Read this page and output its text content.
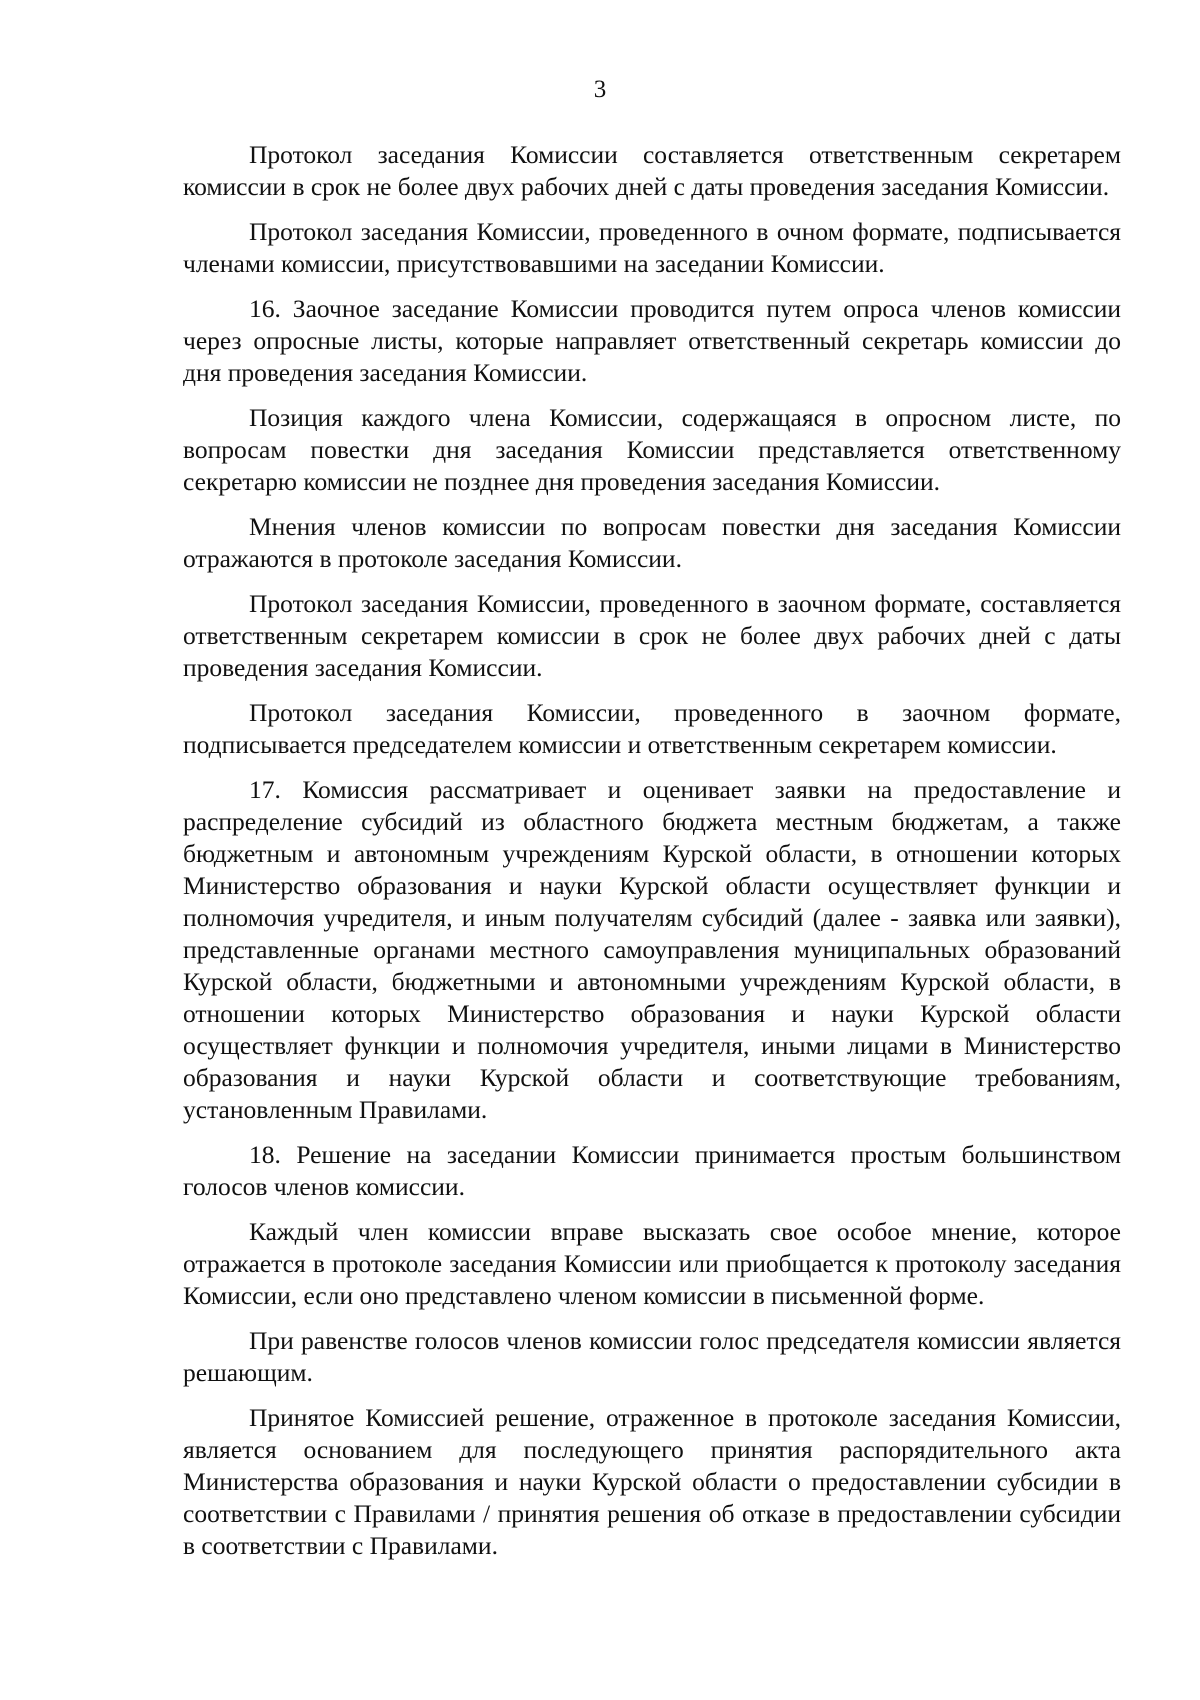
3

Протокол заседания Комиссии составляется ответственным секретарем комиссии в срок не более двух рабочих дней с даты проведения заседания Комиссии.

Протокол заседания Комиссии, проведенного в очном формате, подписывается членами комиссии, присутствовавшими на заседании Комиссии.

16. Заочное заседание Комиссии проводится путем опроса членов комиссии через опросные листы, которые направляет ответственный секретарь комиссии до дня проведения заседания Комиссии.

Позиция каждого члена Комиссии, содержащаяся в опросном листе, по вопросам повестки дня заседания Комиссии представляется ответственному секретарю комиссии не позднее дня проведения заседания Комиссии.

Мнения членов комиссии по вопросам повестки дня заседания Комиссии отражаются в протоколе заседания Комиссии.

Протокол заседания Комиссии, проведенного в заочном формате, составляется ответственным секретарем комиссии в срок не более двух рабочих дней с даты проведения заседания Комиссии.

Протокол заседания Комиссии, проведенного в заочном формате, подписывается председателем комиссии и ответственным секретарем комиссии.

17. Комиссия рассматривает и оценивает заявки на предоставление и распределение субсидий из областного бюджета местным бюджетам, а также бюджетным и автономным учреждениям Курской области, в отношении которых Министерство образования и науки Курской области осуществляет функции и полномочия учредителя, и иным получателям субсидий (далее - заявка или заявки), представленные органами местного самоуправления муниципальных образований Курской области, бюджетными и автономными учреждениям Курской области, в отношении которых Министерство образования и науки Курской области осуществляет функции и полномочия учредителя, иными лицами в Министерство образования и науки Курской области и соответствующие требованиям, установленным Правилами.

18. Решение на заседании Комиссии принимается простым большинством голосов членов комиссии.

Каждый член комиссии вправе высказать свое особое мнение, которое отражается в протоколе заседания Комиссии или приобщается к протоколу заседания Комиссии, если оно представлено членом комиссии в письменной форме.

При равенстве голосов членов комиссии голос председателя комиссии является решающим.

Принятое Комиссией решение, отраженное в протоколе заседания Комиссии, является основанием для последующего принятия распорядительного акта Министерства образования и науки Курской области о предоставлении субсидии в соответствии с Правилами / принятия решения об отказе в предоставлении субсидии в соответствии с Правилами.
